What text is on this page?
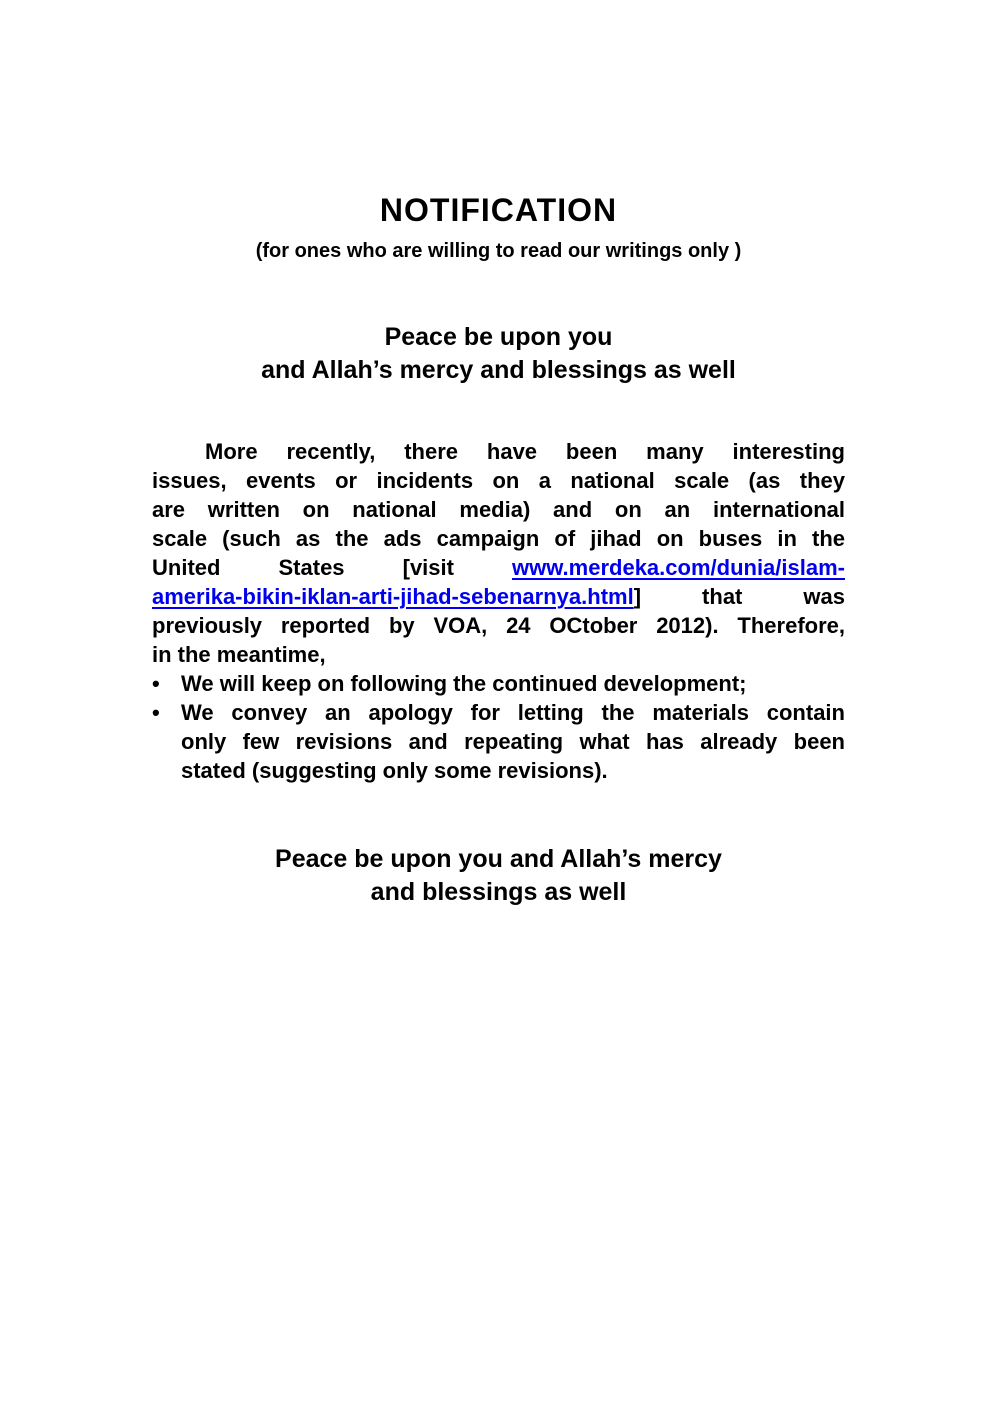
NOTIFICATION
(for ones who are willing to read our writings only )
Peace be upon you
and Allah’s mercy and blessings as well
More recently, there have been many interesting
issues, events or incidents on a national scale (as they
are written on national media) and on an international
scale (such as the ads campaign of jihad on buses in the
United States [visit www.merdeka.com/dunia/islam-
amerika-bikin-iklan-arti-jihad-sebenarnya.html] that was
previously reported by VOA, 24 OCtober 2012). Therefore,
in the meantime,
• We will keep on following the continued development;
• We convey an apology for letting the materials contain
only few revisions and repeating what has already been
stated (suggesting only some revisions).
Peace be upon you and Allah’s mercy
and blessings as well
